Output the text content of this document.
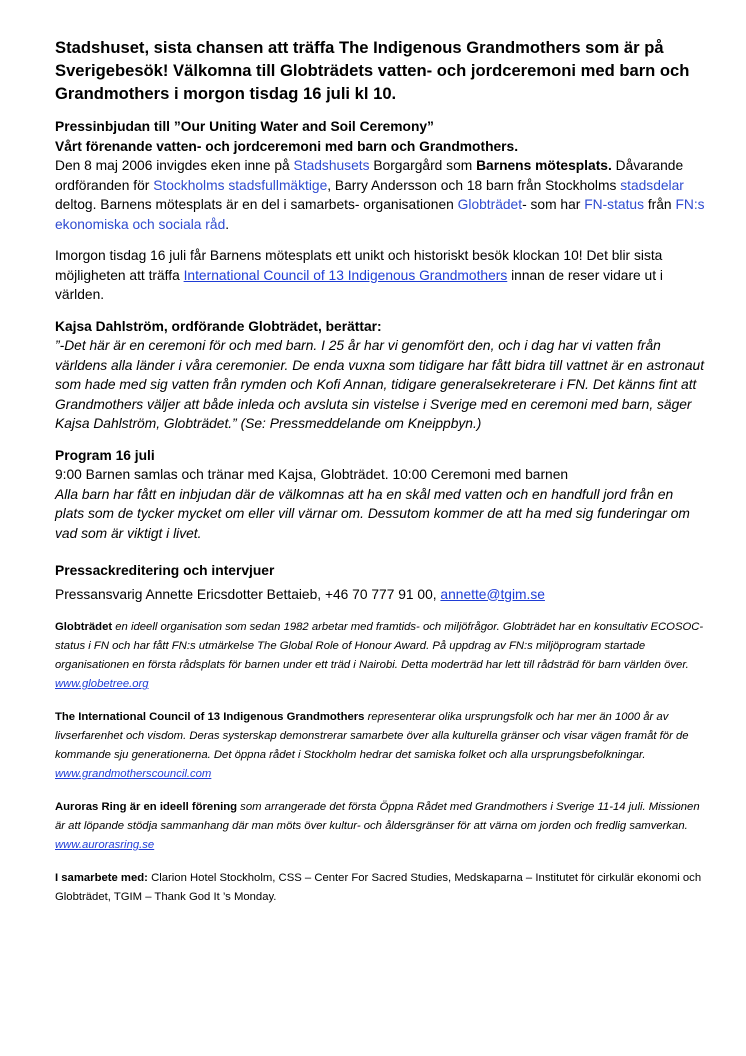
Stadshuset, sista chansen att träffa The Indigenous Grandmothers som är på Sverigebesök! Välkomna till Globträdets vatten- och jordceremoni med barn och Grandmothers i morgon tisdag 16 juli kl 10.

Pressinbjudan till ”Our Uniting Water and Soil Ceremony”

Vårt förenande vatten- och jordceremoni med barn och Grandmothers.

Den 8 maj 2006 invigdes eken inne på Stadshusets Borgargård som Barnens mötesplats. Dåvarande ordföranden för Stockholms stadsfullmäktige, Barry Andersson och 18 barn från Stockholms stadsdelar deltog. Barnens mötesplats är en del i samarbets- organisationen Globträdet- som har FN-status från FN:s ekonomiska och sociala råd.

Imorgon tisdag 16 juli får Barnens mötesplats ett unikt och historiskt besök klockan 10! Det blir sista möjligheten att träffa International Council of 13 Indigenous Grandmothers innan de reser vidare ut i världen.

Kajsa Dahlström, ordförande Globträdet, berättar:

”-Det här är en ceremoni för och med barn. I 25 år har vi genomfört den, och i dag har vi vatten från världens alla länder i våra ceremonier. De enda vuxna som tidigare har fått bidra till vattnet är en astronaut som hade med sig vatten från rymden och Kofi Annan, tidigare generalsekreterare i FN. Det känns fint att Grandmothers väljer att både inleda och avsluta sin vistelse i Sverige med en ceremoni med barn, säger Kajsa Dahlström, Globträdet.” (Se: Pressmeddelande om Kneippbyn.)

Program 16 juli

9:00 Barnen samlas och tränar med Kajsa, Globträdet. 10:00 Ceremoni med barnen

Alla barn har fått en inbjudan där de välkomnas att ha en skål med vatten och en handfull jord från en plats som de tycker mycket om eller vill värnar om. Dessutom kommer de att ha med sig funderingar om vad som är viktigt i livet.

Pressackreditering och intervjuer

Pressansvarig Annette Ericsdotter Bettaieb, +46 70 777 91 00, annette@tgim.se

Globträdet en ideell organisation som sedan 1982 arbetar med framtids- och miljöfrågor. Globträdet har en konsultativ ECOSOC-status i FN och har fått FN:s utmärkelse The Global Role of Honour Award. På uppdrag av FN:s miljöprogram startade organisationen en första rådsplats för barnen under ett träd i Nairobi. Detta moderträd har lett till rådsträd för barn världen över. www.globetree.org

The International Council of 13 Indigenous Grandmothers representerar olika ursprungsfolk och har mer än 1000 år av livserfarenhet och visdom. Deras systerskap demonstrerar samarbete över alla kulturella gränser och visar vägen framåt för de kommande sju generationerna. Det öppna rådet i Stockholm hedrar det samiska folket och alla ursprungsbefolkningar. www.grandmotherscouncil.com

Auroras Ring är en ideell förening som arrangerade det första Öppna Rådet med Grandmothers i Sverige 11-14 juli. Missionen är att löpande stödja sammanhang där man möts över kultur- och åldersgränser för att värna om jorden och fredlig samverkan. www.aurorasring.se

I samarbete med: Clarion Hotel Stockholm, CSS – Center For Sacred Studies, Medskaparna – Institutet för cirkulär ekonomi och Globträdet, TGIM – Thank God It ’s Monday.
